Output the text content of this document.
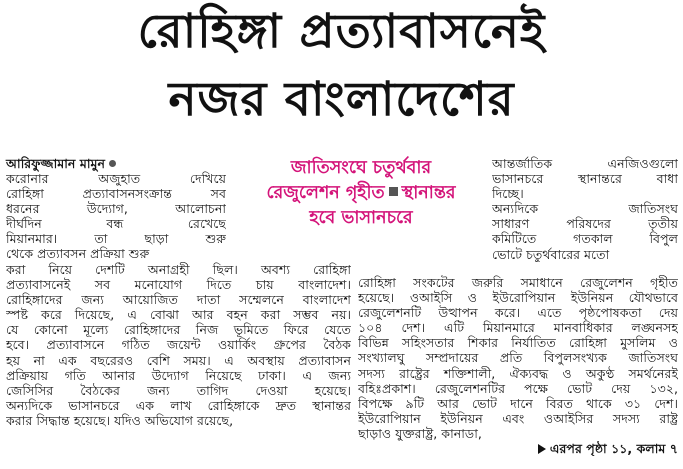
রোহিঙ্গা প্রত্যাবাসনেই
নজর বাংলাদেশের
আরিফুজ্জামান মামুন

করোনার অজুহাত দেখিয়ে

রোহিঙ্গা প্রত্যাবাসনসংক্রান্ত সব

ধরনের উদ্যোগ, আলোচনা

দীর্ঘদিন বন্ধ রেখেছে

মিয়ানমার। তা ছাড়া শুরু

থেকে প্রত্যাবসন প্রক্রিয়া শুরু

করা নিয়ে দেশটি অনাগ্রহী ছিল। অবশ্য রোহিঙ্গা

প্রত্যাবাসনেই সব মনোযোগ দিতে চায় বাংলাদেশ।

রোহিঙ্গাদের জন্য আয়োজিত দাতা সম্মেলনে বাংলাদেশ

স্পষ্ট করে দিয়েছে, এ বোঝা আর বহন করা সম্ভব নয়।

যে কোনো মূল্যে রোহিঙ্গাদের নিজ ভূমিতে ফিরে যেতে

হবে। প্রত্যাবাসনে গঠিত জয়েন্ট ওয়ার্কিং গ্রুপের বৈঠক

হয় না এক বছরেরও বেশি সময়। এ অবস্থায় প্রত্যাবাসন

প্রক্রিয়ায় গতি আনার উদ্যোগ নিয়েছে ঢাকা। এ জন্য

জেসিসির বৈঠকের জন্য তাগিদ দেওয়া হয়েছে।

অন্যদিকে ভাসানচরে এক লাখ রোহিঙ্গাকে দ্রুত স্থানান্তর

করার সিদ্ধান্ত হয়েছে। যদিও অভিযোগ রয়েছে,

জাতিসংঘে চতুর্থবার
রেজুলেশন গৃহীত স্থানান্তর
হবে ভাসানচরে

আন্তর্জাতিক এনজিওগুলো

ভাসানচরে স্থানান্তরে বাধা

দিচ্ছে।

অন্যদিকে জাতিসংঘ

সাধারণ পরিষদের তৃতীয়

কমিটিতে গতকাল বিপুল

ভোটে চতুর্থবারের মতো

রোহিঙ্গা সংকটের জরুরি সমাধানে রেজুলেশন গৃহীত

হয়েছে। ওআইসি ও ইউরোপিয়ান ইউনিয়ন যৌথভাবে

রেজুলেশনটি উত্থাপন করে। এতে পৃষ্ঠপোষকতা দেয়

১০৪ দেশ। এটি মিয়ানমারে মানবাধিকার লঙ্ঘনসহ

বিভিন্ন সহিংসতার শিকার নির্যাতিত রোহিঙ্গা মুসলিম ও

সংখ্যালঘু সম্প্রদায়ের প্রতি বিপুলসংখ্যক জাতিসংঘ

সদস্য রাষ্ট্রের শক্তিশালী, ঐক্যবদ্ধ ও অকুণ্ঠ সমর্থনেরই

বহিঃপ্রকাশ। রেজুলেশনটির পক্ষে ভোট দেয় ১৩২,

বিপক্ষে ৯টি আর ভোট দানে বিরত থাকে ৩১ দেশ।

ইউরোপিয়ান ইউনিয়ন এবং ওআইসির সদস্য রাষ্ট্র

ছাড়াও যুক্তরাষ্ট্র, কানাডা,

এরপর পৃষ্ঠা ১১, কলাম ৭
